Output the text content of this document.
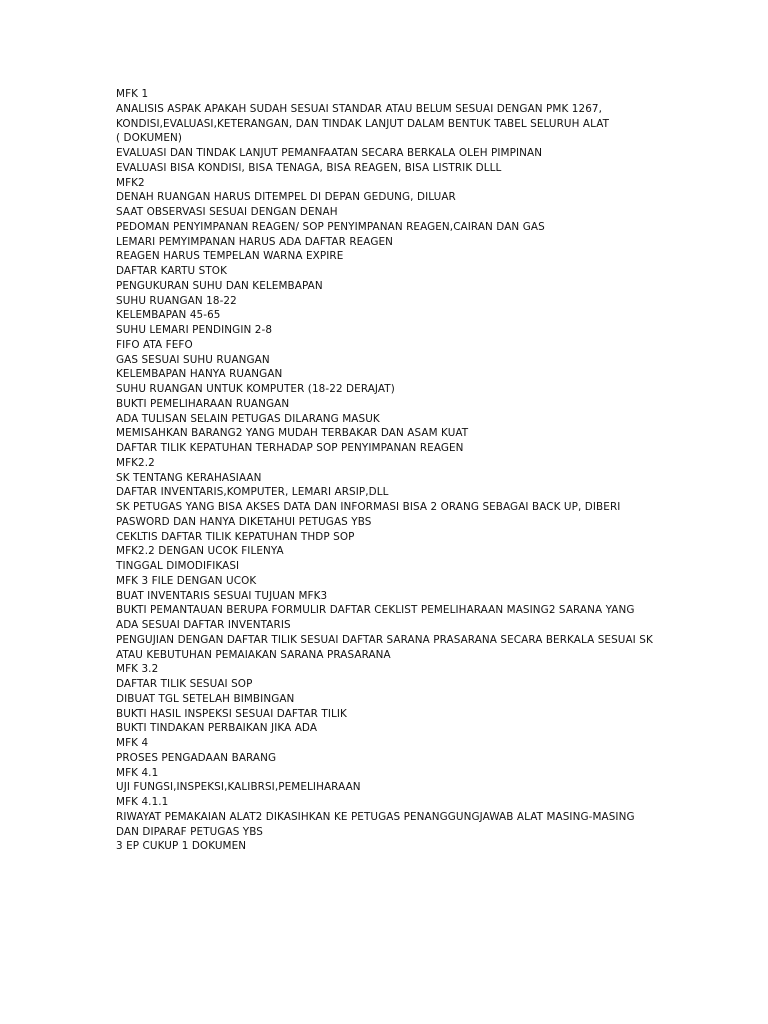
MFK 1
ANALISIS ASPAK APAKAH SUDAH SESUAI STANDAR ATAU BELUM SESUAI DENGAN PMK 1267,
KONDISI,EVALUASI,KETERANGAN, DAN TINDAK LANJUT DALAM BENTUK TABEL SELURUH ALAT
( DOKUMEN)
EVALUASI DAN TINDAK LANJUT PEMANFAATAN SECARA BERKALA OLEH PIMPINAN
EVALUASI BISA KONDISI, BISA TENAGA, BISA REAGEN, BISA LISTRIK DLLL
MFK2
DENAH RUANGAN HARUS DITEMPEL DI DEPAN GEDUNG, DILUAR
SAAT OBSERVASI SESUAI DENGAN DENAH
PEDOMAN PENYIMPANAN REAGEN/ SOP PENYIMPANAN REAGEN,CAIRAN DAN GAS
LEMARI PEMYIMPANAN HARUS ADA DAFTAR REAGEN
REAGEN HARUS TEMPELAN WARNA EXPIRE
DAFTAR KARTU STOK
PENGUKURAN SUHU DAN KELEMBAPAN
SUHU RUANGAN 18-22
KELEMBAPAN 45-65
SUHU LEMARI PENDINGIN 2-8
FIFO ATA FEFO
GAS SESUAI SUHU RUANGAN
KELEMBAPAN HANYA RUANGAN
SUHU RUANGAN UNTUK KOMPUTER (18-22 DERAJAT)
BUKTI PEMELIHARAAN RUANGAN
ADA TULISAN SELAIN PETUGAS DILARANG MASUK
MEMISAHKAN BARANG2 YANG MUDAH TERBAKAR DAN ASAM KUAT
DAFTAR TILIK KEPATUHAN TERHADAP SOP PENYIMPANAN REAGEN
MFK2.2
SK TENTANG KERAHASIAAN
DAFTAR INVENTARIS,KOMPUTER, LEMARI ARSIP,DLL
SK PETUGAS YANG BISA AKSES DATA DAN INFORMASI BISA 2 ORANG SEBAGAI BACK UP, DIBERI
PASWORD DAN HANYA DIKETAHUI PETUGAS YBS
CEKLTIS DAFTAR TILIK KEPATUHAN THDP SOP
MFK2.2 DENGAN UCOK FILENYA
TINGGAL DIMODIFIKASI
MFK 3 FILE DENGAN UCOK
BUAT INVENTARIS SESUAI TUJUAN MFK3
BUKTI PEMANTAUAN BERUPA FORMULIR DAFTAR CEKLIST PEMELIHARAAN MASING2 SARANA YANG
ADA SESUAI DAFTAR INVENTARIS
PENGUJIAN DENGAN DAFTAR TILIK SESUAI DAFTAR SARANA PRASARANA SECARA BERKALA SESUAI SK
ATAU KEBUTUHAN PEMAIAKAN SARANA PRASARANA
MFK 3.2
DAFTAR TILIK SESUAI SOP
DIBUAT TGL SETELAH BIMBINGAN
BUKTI HASIL INSPEKSI SESUAI DAFTAR TILIK
BUKTI TINDAKAN PERBAIKAN JIKA ADA
MFK 4
PROSES PENGADAAN BARANG
MFK 4.1
UJI FUNGSI,INSPEKSI,KALIBRSI,PEMELIHARAAN
MFK 4.1.1
RIWAYAT PEMAKAIAN ALAT2 DIKASIHKAN KE PETUGAS PENANGGUNGJAWAB ALAT MASING-MASING
DAN DIPARAF PETUGAS YBS
3 EP CUKUP 1 DOKUMEN
